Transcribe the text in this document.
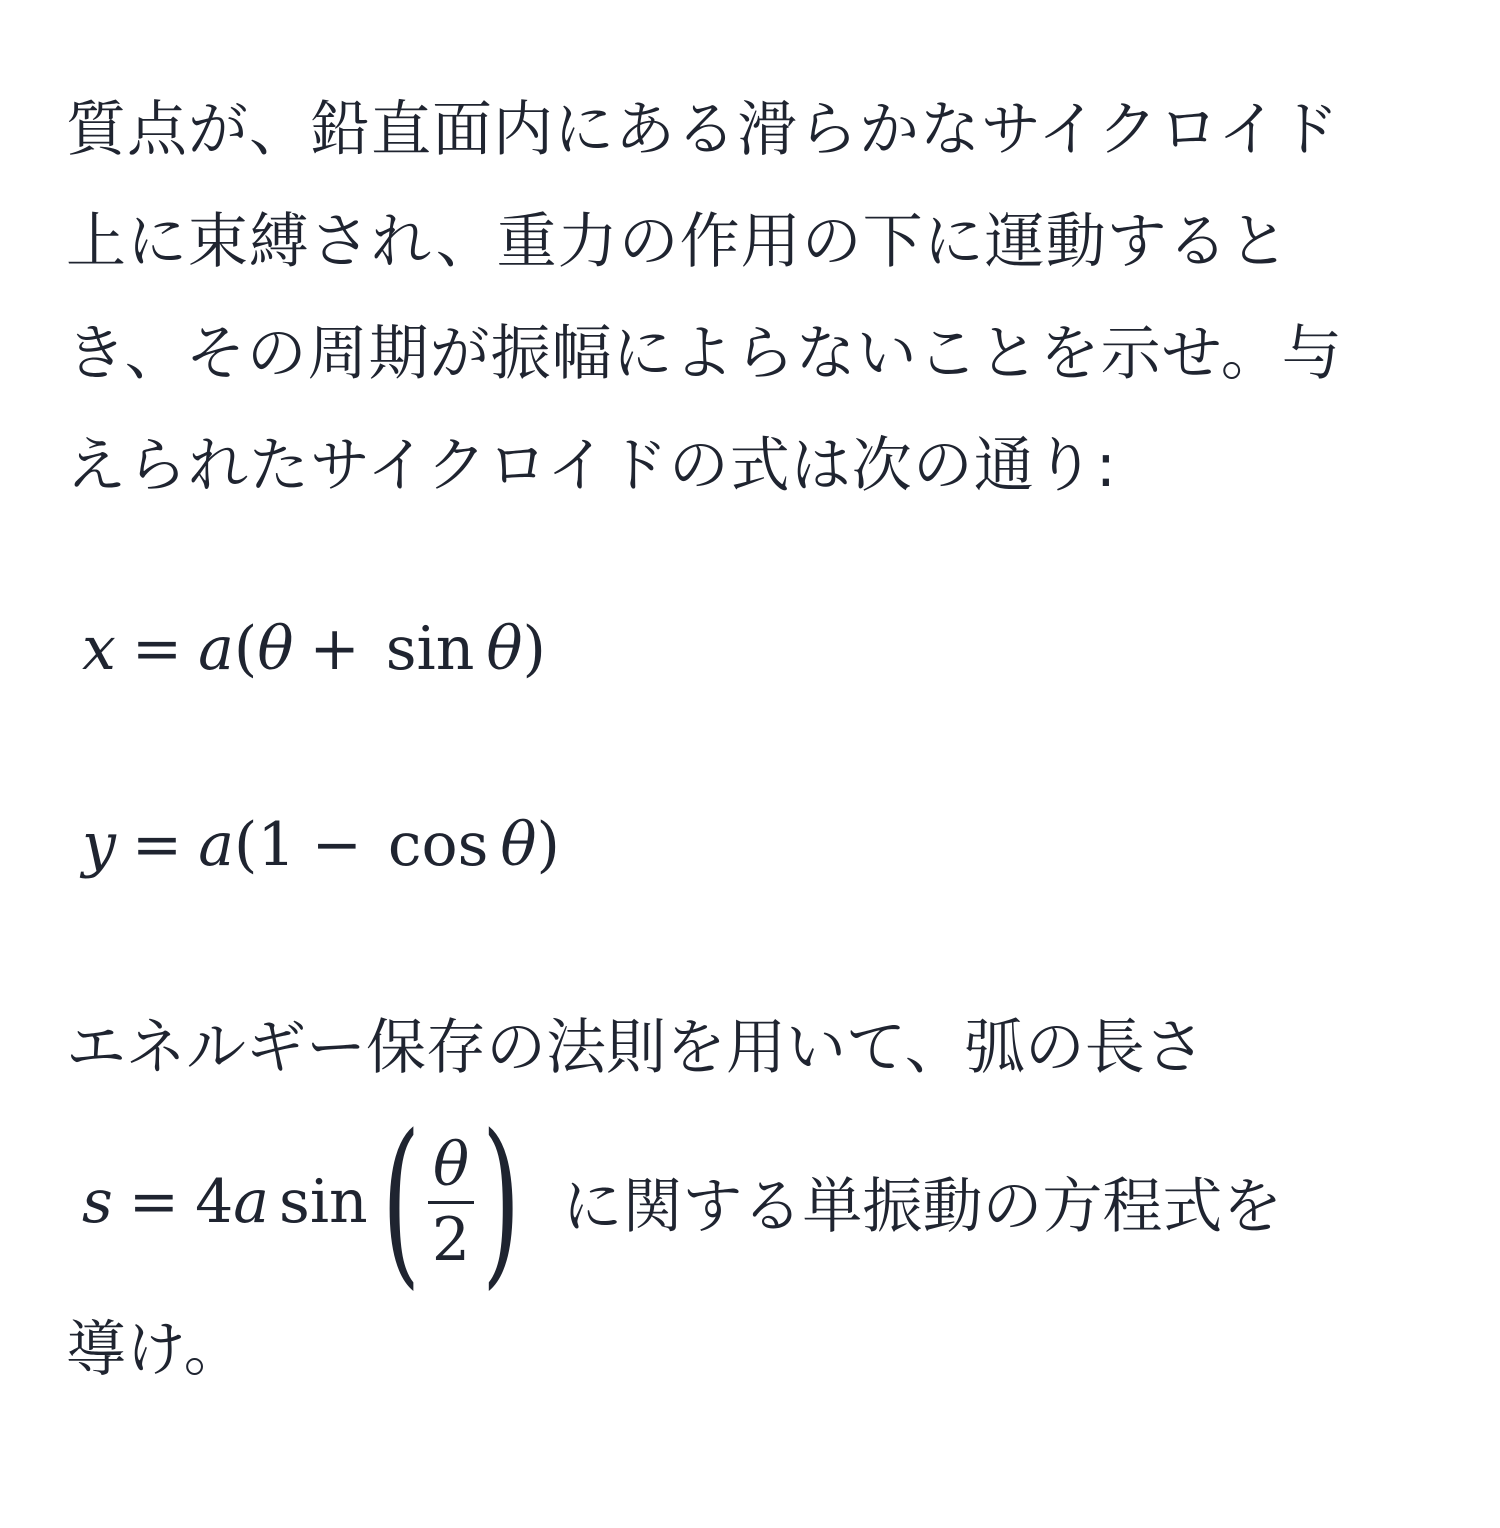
質点が、鉛直面内にある滑らかなサイクロイド上に束縛され、重力の作用の下に運動するとき、その周期が振幅によらないことを示せ。与えられたサイクロイドの式は次の通り:

x = a(θ + sin θ)
y = a(1 − cos θ)

エネルギー保存の法則を用いて、弧の長さ

s = 4 a sin ( $\frac{\theta}{2}$ ) に関する単振動の方程式を

導け。
